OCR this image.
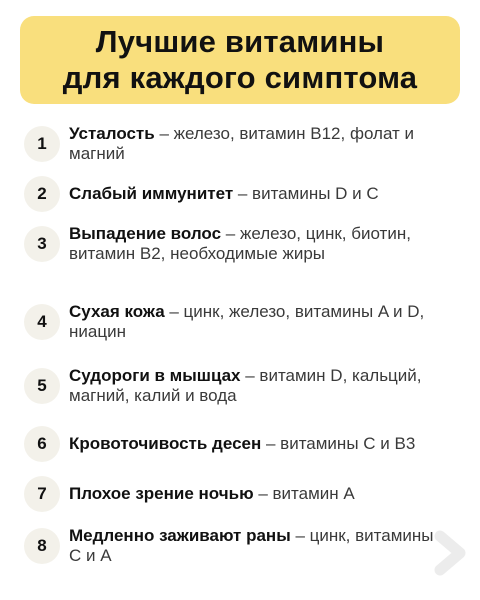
Лучшие витамины
для каждого симптома
1
Усталость – железо, витамин B12, фолат и магний
2	Слабый иммунитет – витамины D и C
3
Выпадение волос – железо, цинк, биотин, витамин B2, необходимые жиры
4
Сухая кожа – цинк, железо, витамины A и D, ниацин
5
Судороги в мышцах – витамин D, кальций, магний, калий и вода
6	Кровоточивость десен – витамины C и B3
7	Плохое зрение ночью – витамин A
8
Медленно заживают раны – цинк, витамины C и A
